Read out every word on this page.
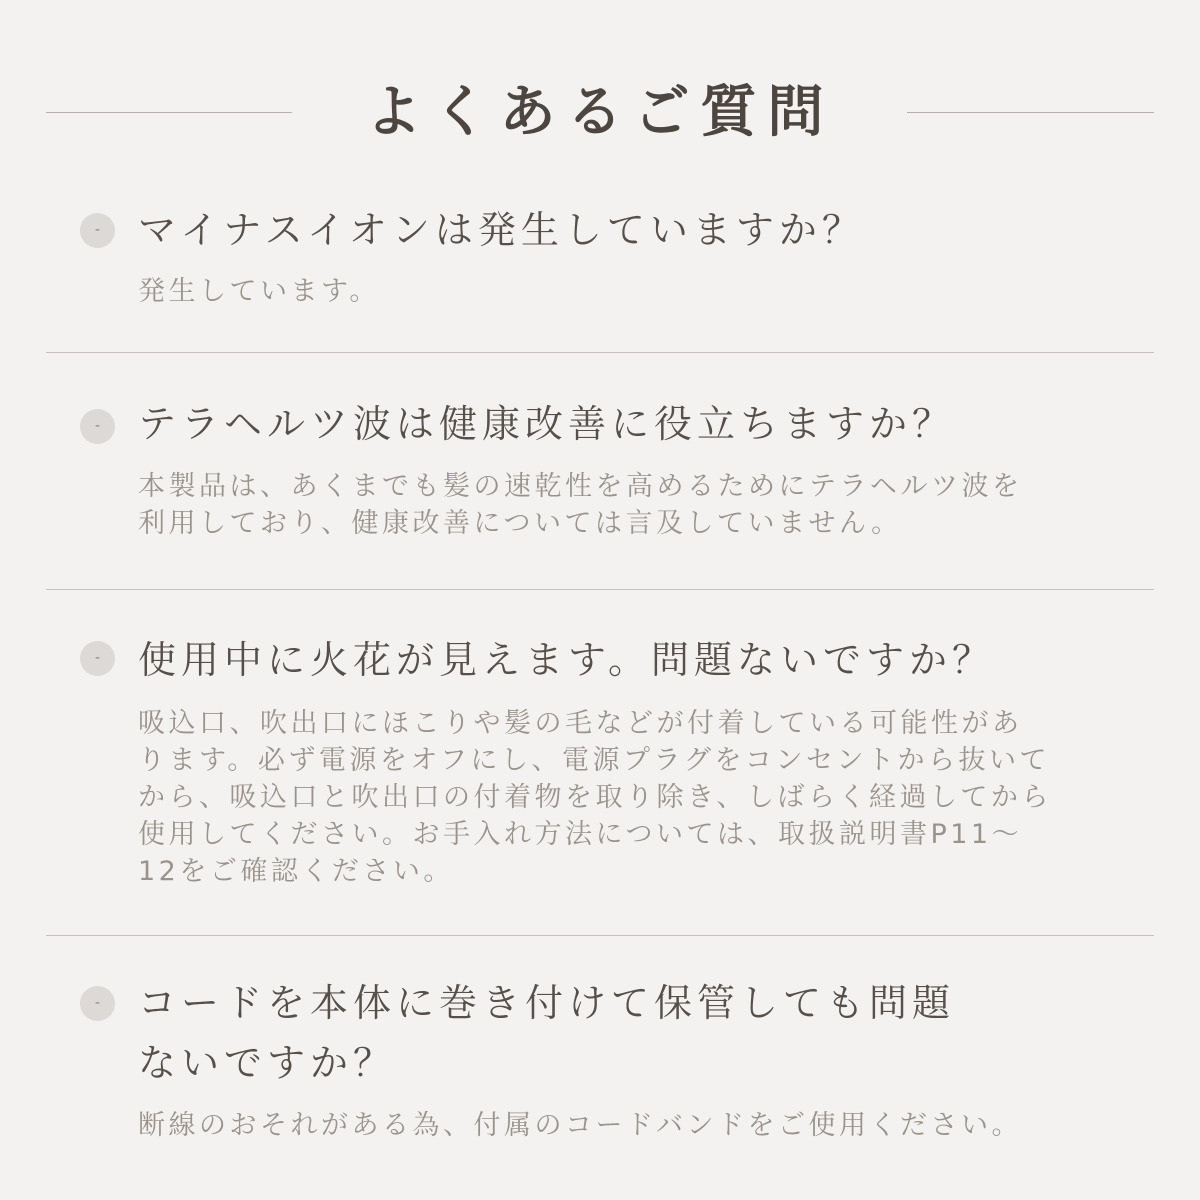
よくあるご質問
- マイナスイオンは発生していますか？

発生しています。

- テラヘルツ波は健康改善に役立ちますか？

本製品は、あくまでも髪の速乾性を高めるためにテラヘルツ波を
利用しており、健康改善については言及していません。

- 使用中に火花が見えます。問題ないですか？

吸込口、吹出口にほこりや髪の毛などが付着している可能性があ
ります。必ず電源をオフにし、電源プラグをコンセントから抜いて
から、吸込口と吹出口の付着物を取り除き、しばらく経過してから
使用してください。お手入れ方法については、取扱説明書P11～
12をご確認ください。

- コードを本体に巻き付けて保管しても問題
ないですか？

断線のおそれがある為、付属のコードバンドをご使用ください。
